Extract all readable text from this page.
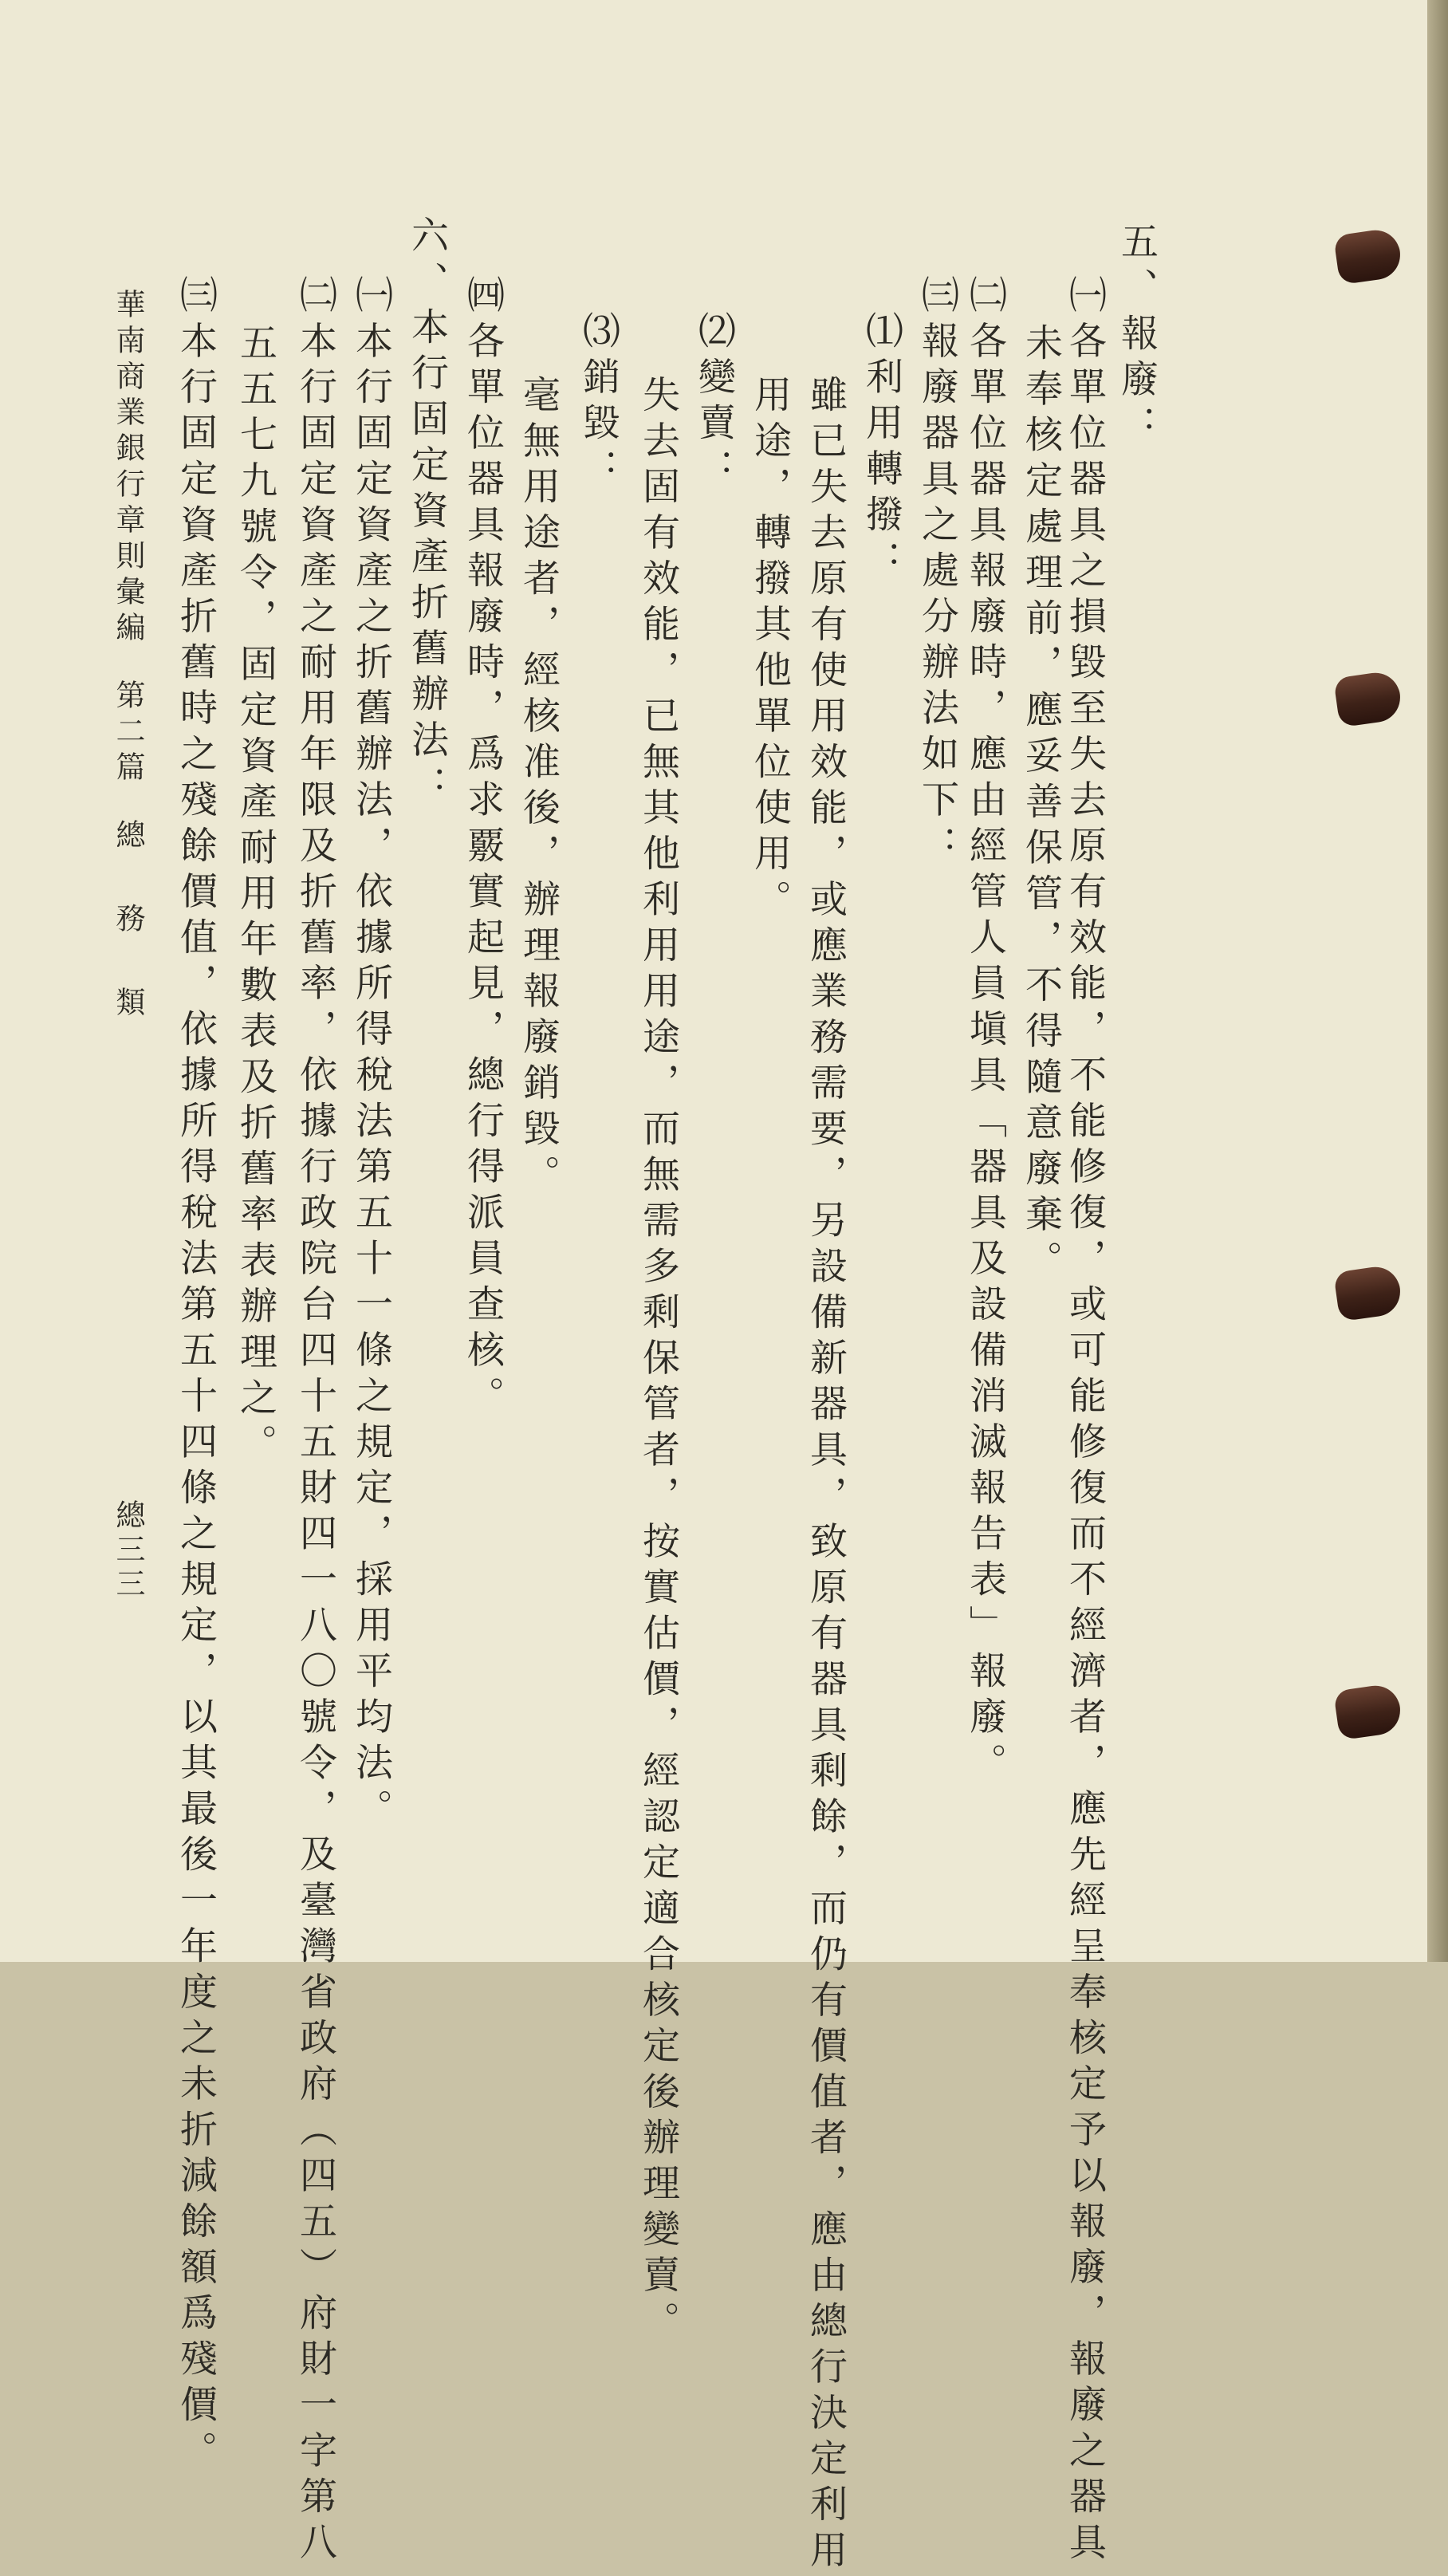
五、報廢：
㈠各單位器具之損毀至失去原有效能，不能修復，或可能修復而不經濟者，應先經呈奉核定予以報廢，報廢之器具
未奉核定處理前，應妥善保管，不得隨意廢棄。
㈡各單位器具報廢時，應由經管人員塡具「器具及設備消滅報告表」報廢。
㈢報廢器具之處分辦法如下：
⑴利用轉撥：
雖已失去原有使用效能，或應業務需要，另設備新器具，致原有器具剩餘，而仍有價值者，應由總行決定利用
用途，轉撥其他單位使用。
⑵變賣：
失去固有效能，已無其他利用用途，而無需多剩保管者，按實估價，經認定適合核定後辦理變賣。
⑶銷毀：
毫無用途者，經核准後，辦理報廢銷毀。
㈣各單位器具報廢時，爲求覈實起見，總行得派員查核。
六、本行固定資產折舊辦法：
㈠本行固定資產之折舊辦法，依據所得稅法第五十一條之規定，採用平均法。
㈡本行固定資產之耐用年限及折舊率，依據行政院台四十五財四一八〇號令，及臺灣省政府（四五）府財一字第八
五五七九號令，固定資產耐用年數表及折舊率表辦理之。
㈢本行固定資產折舊時之殘餘價值，依據所得稅法第五十四條之規定，以其最後一年度之未折減餘額爲殘價。
華南商業銀行章則彙編第二篇總務類
總三三
